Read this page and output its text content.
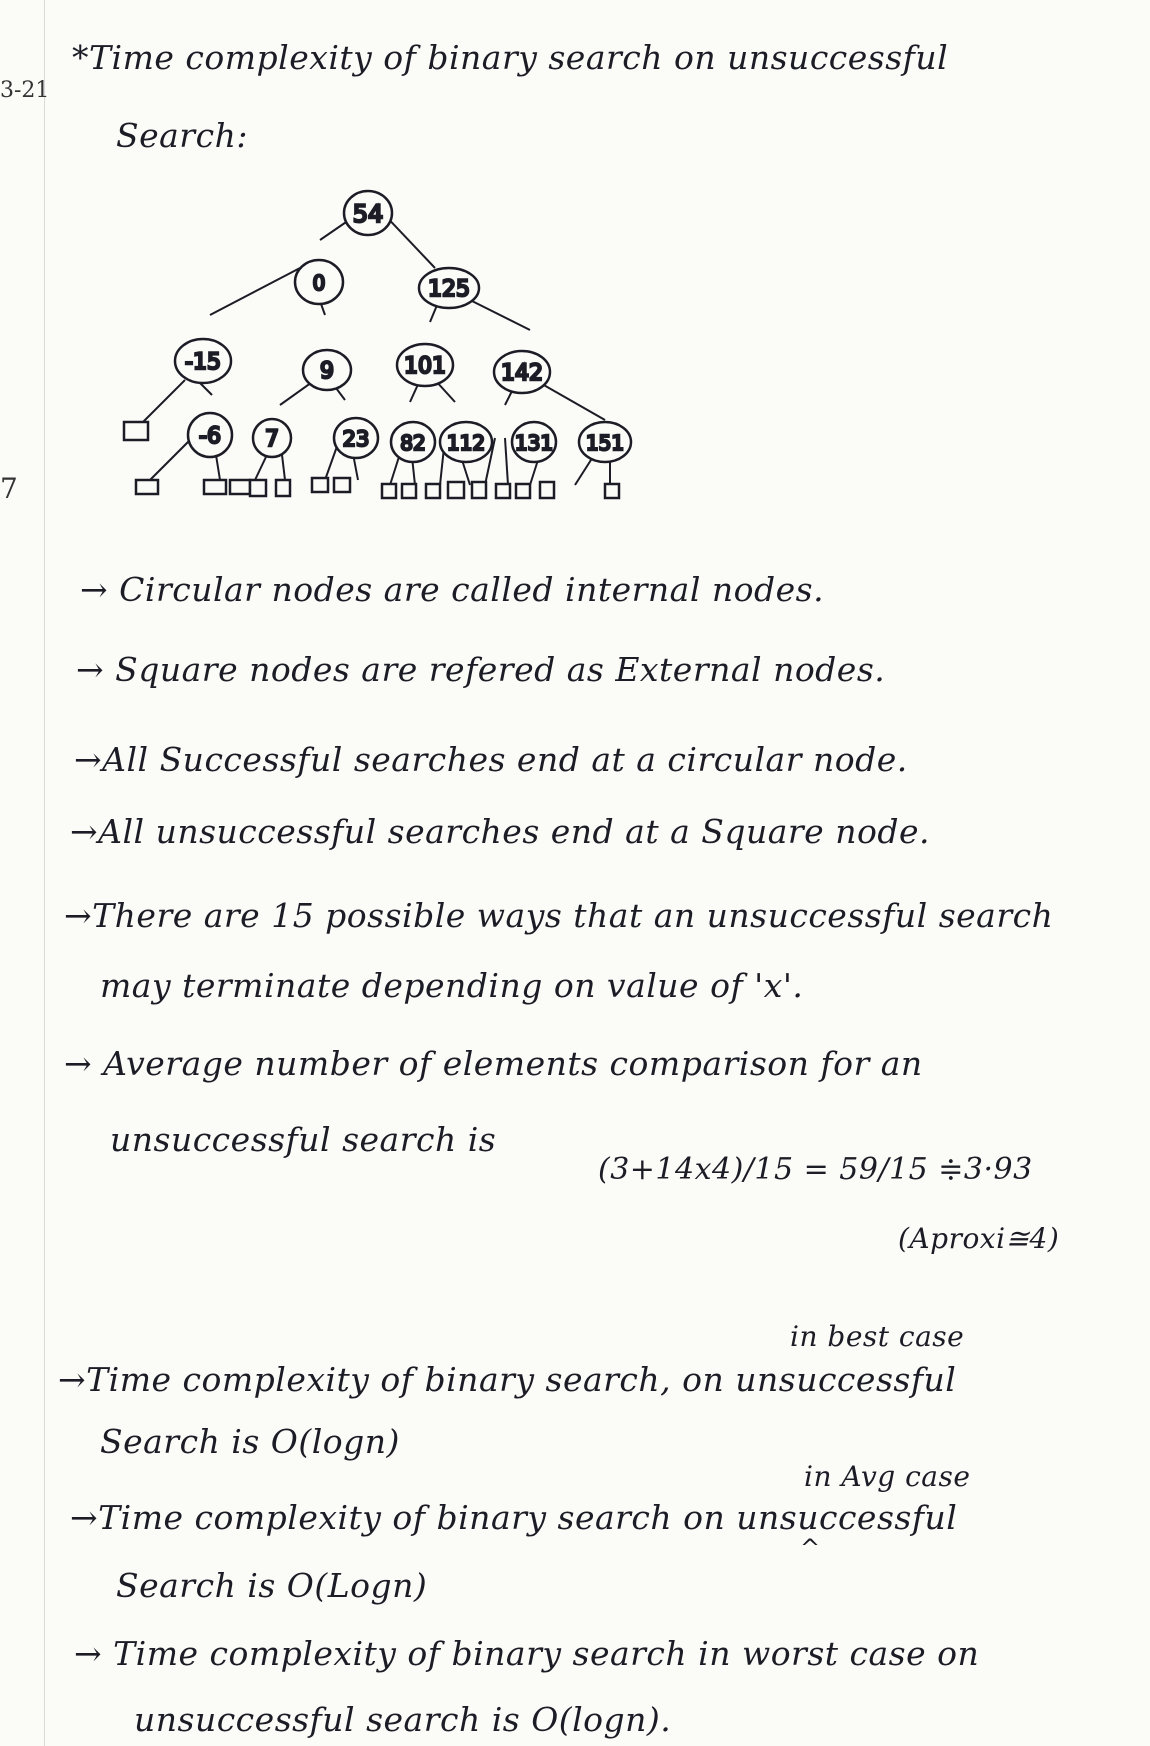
3-21
7
*Time complexity of binary search on unsuccessful
Search:
54
0	125
-15	9	101	142
-6 7	23 82 112 131 151
→ Circular nodes are called internal nodes.
→ Square nodes are refered as External nodes.
→All Successful searches end at a circular node.
→All unsuccessful searches end at a Square node.
→There are 15 possible ways that an unsuccessful search
may terminate depending on value of 'x'.
→ Average number of elements comparison for an
unsuccessful search is
(3+14x4)/15 = 59/15 ≑3·93
(Aproxi≅4)
in best case
→Time complexity of binary search, on unsuccessful
Search is O(logn)
in Avg case
→Time complexity of binary search on unsuccessful
^
Search is O(Logn)
→ Time complexity of binary search in worst case on
unsuccessful search is O(logn).
